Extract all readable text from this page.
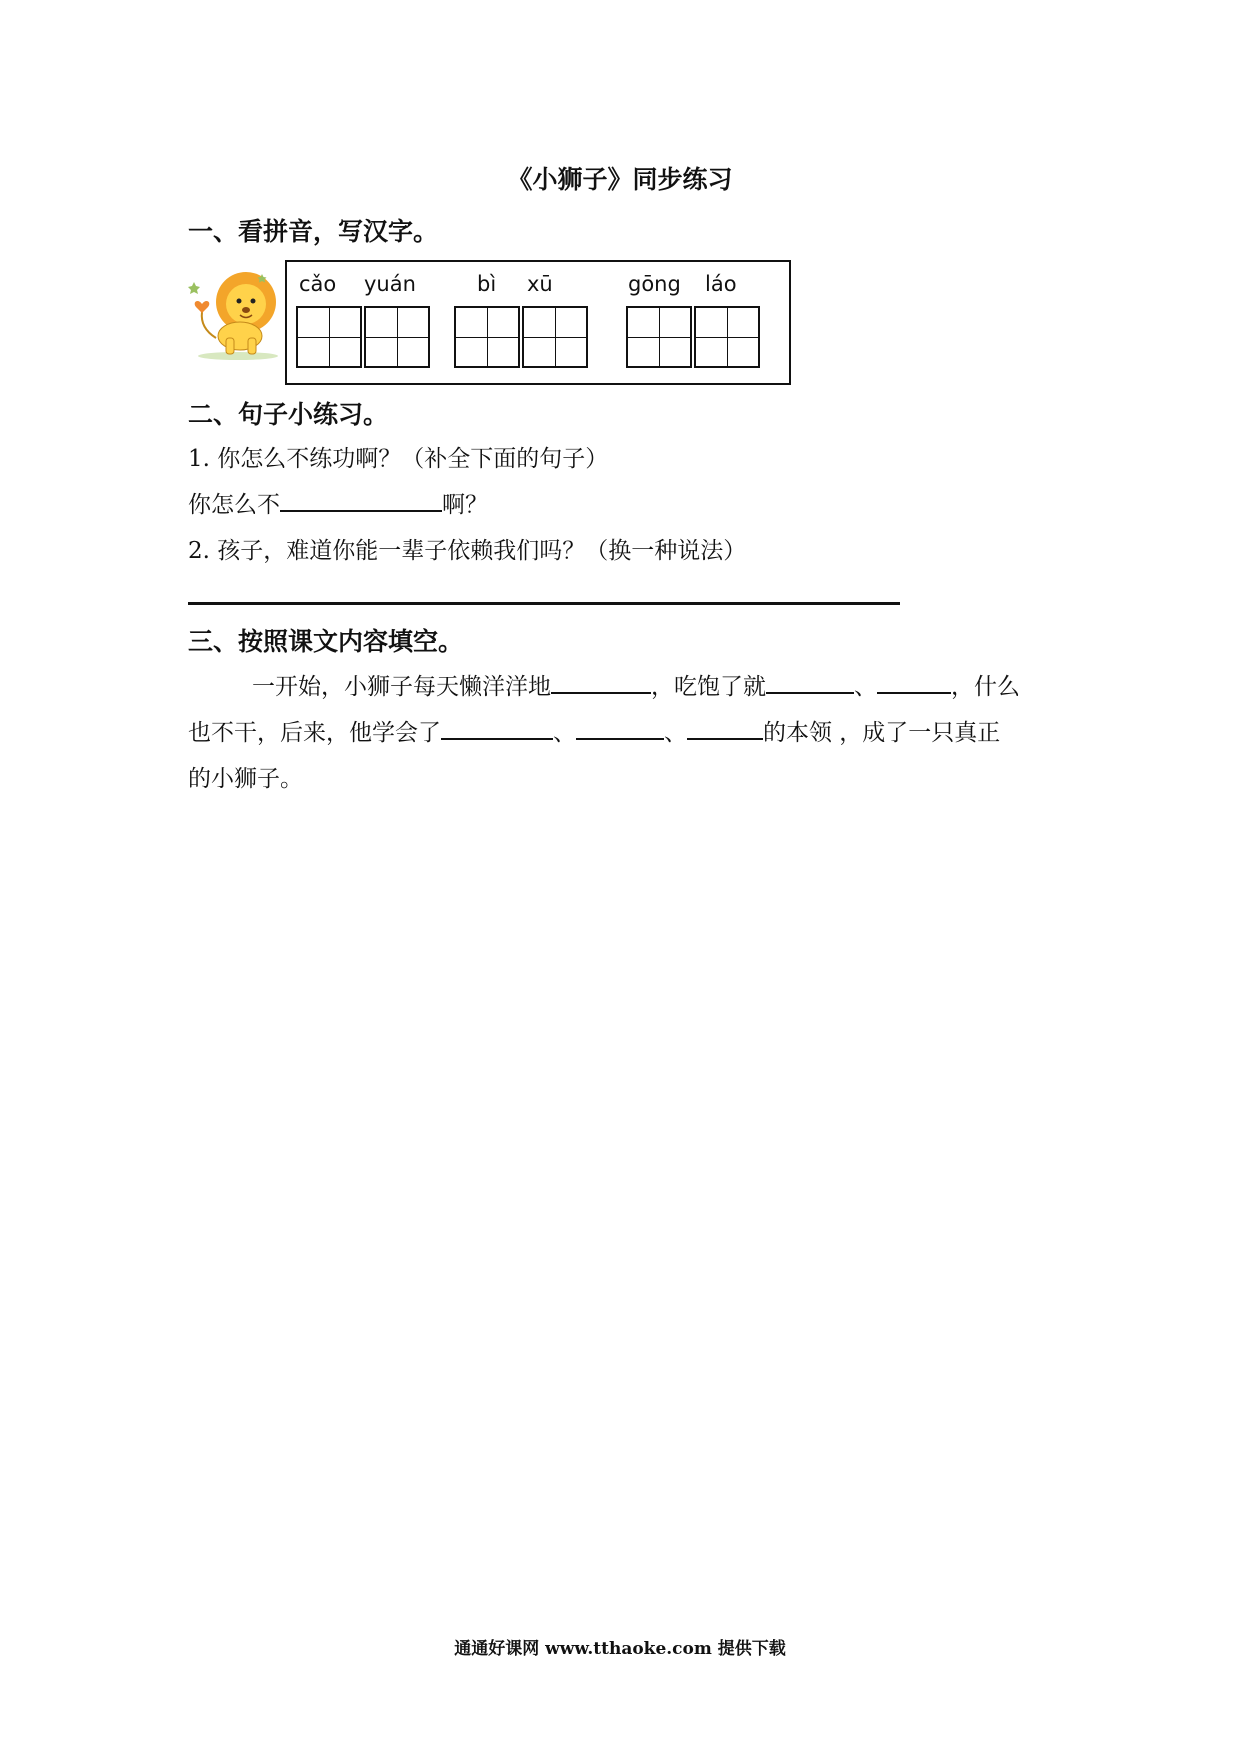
《小狮子》同步练习
一、看拼音，写汉字。
cǎo yuán	bì xū	gōng láo
二、句子小练习。
1. 你怎么不练功啊？（补全下面的句子）
你怎么不	啊？
2. 孩子，难道你能一辈子依赖我们吗？（换一种说法）
三、按照课文内容填空。
一开始，小狮子每天懒洋洋地	，吃饱了就	、	，什么
也不干，后来，他学会了	、	、	的本领 ，成了一只真正
的小狮子。
通通好课网 www.tthaoke.com 提供下载
